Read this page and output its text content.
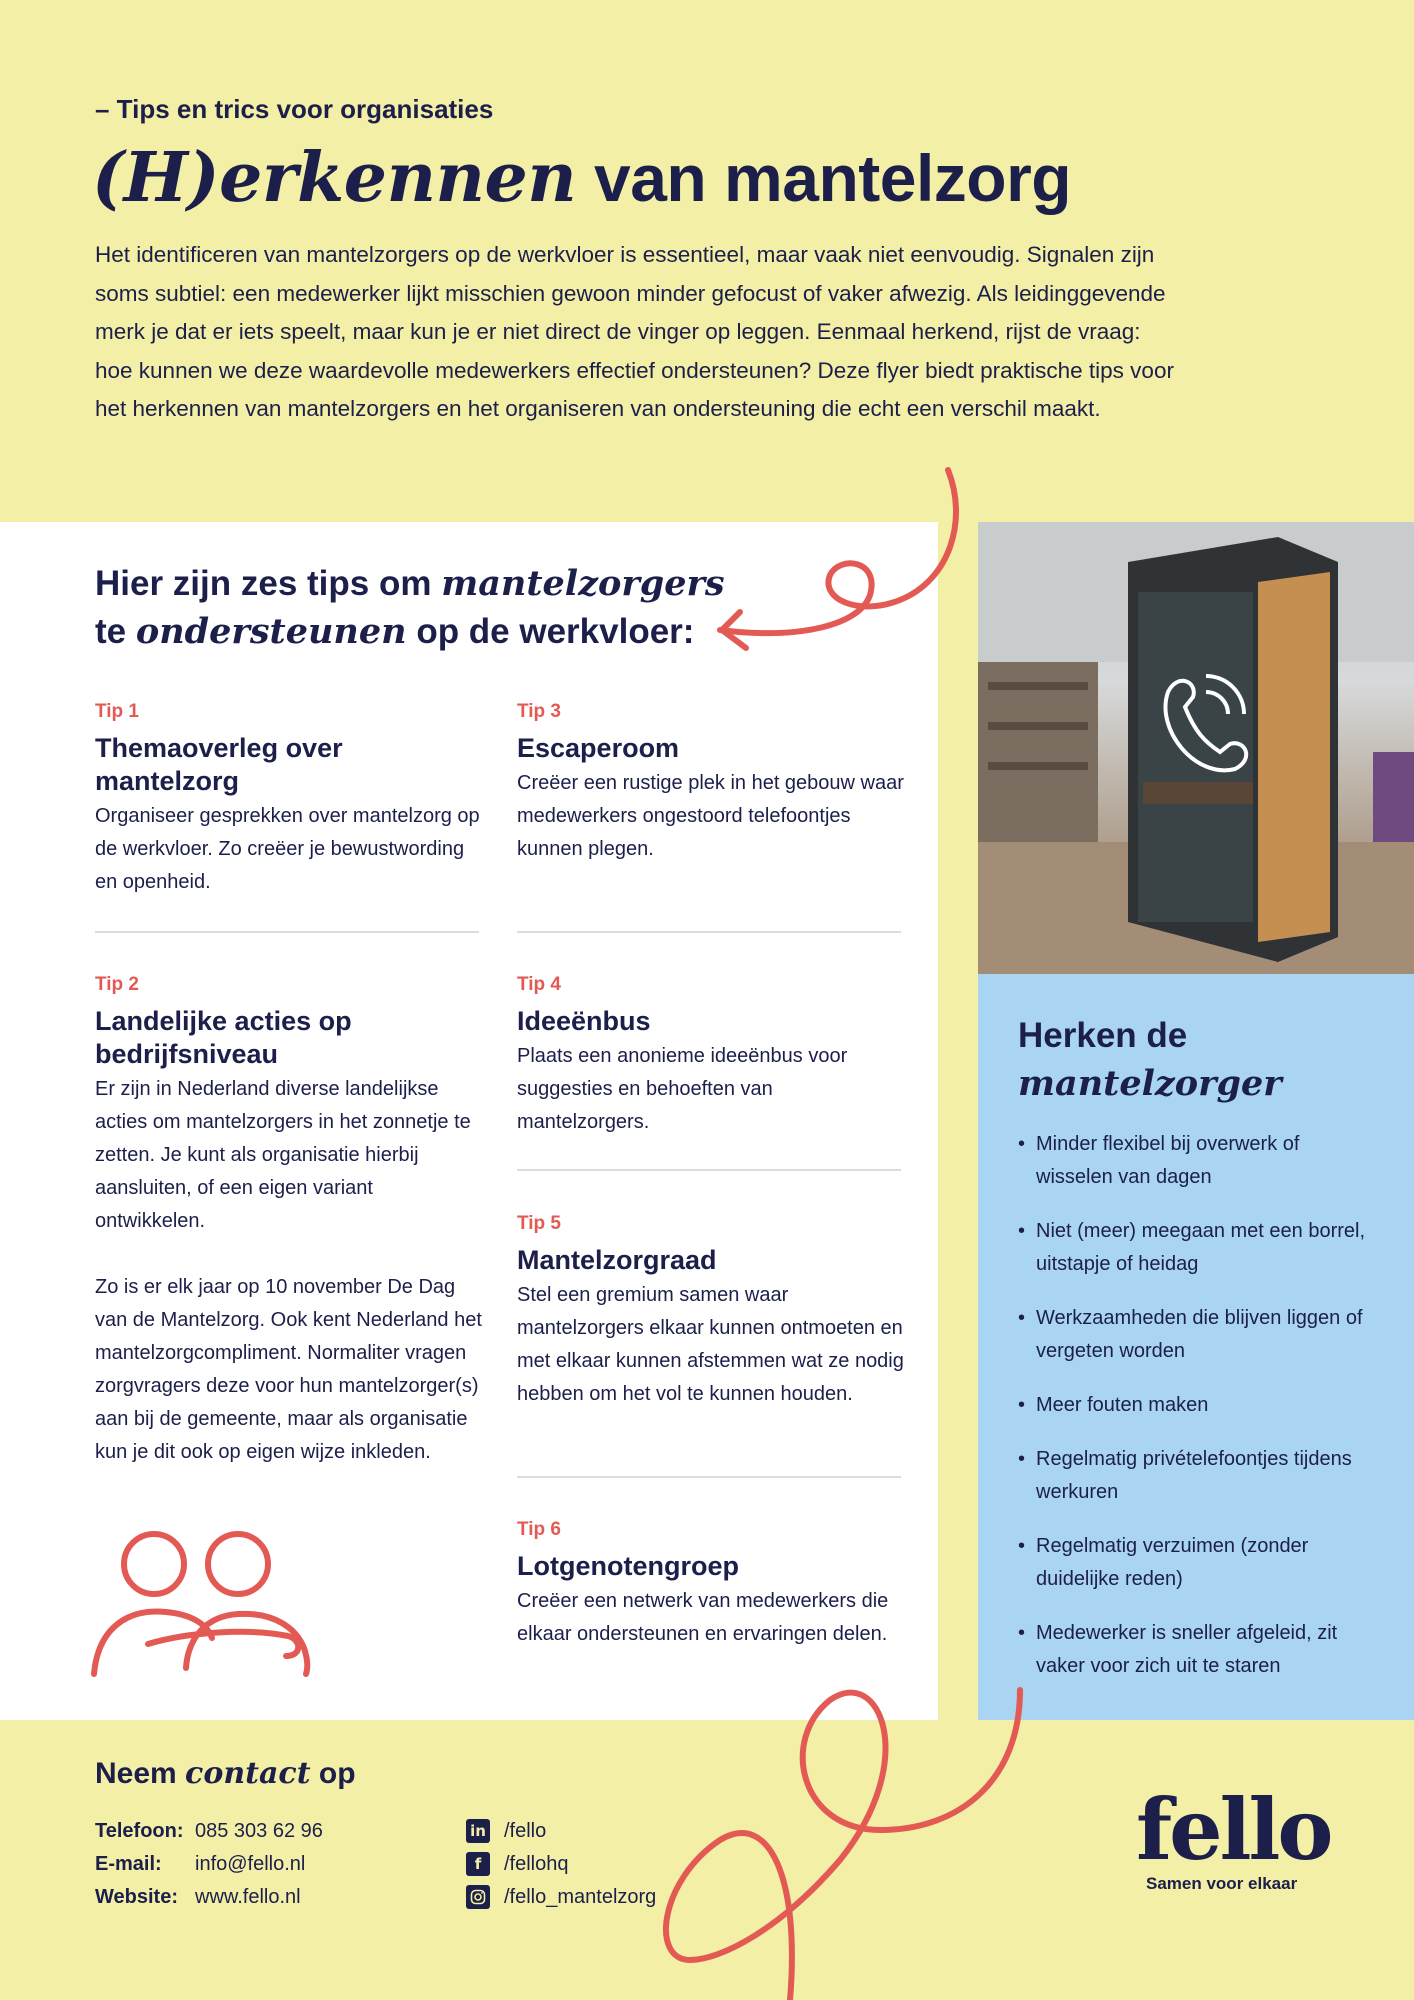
– Tips en trics voor organisaties
(H)erkennen van mantelzorg

Het identificeren van mantelzorgers op de werkvloer is essentieel, maar vaak niet eenvoudig. Signalen zijn soms subtiel: een medewerker lijkt misschien gewoon minder gefocust of vaker afwezig. Als leidinggevende merk je dat er iets speelt, maar kun je er niet direct de vinger op leggen. Eenmaal herkend, rijst de vraag: hoe kunnen we deze waardevolle medewerkers effectief ondersteunen? Deze flyer biedt praktische tips voor het herkennen van mantelzorgers en het organiseren van ondersteuning die echt een verschil maakt.

Hier zijn zes tips om mantelzorgers
te ondersteunen op de werkvloer:
Tip 1
Themaoverleg over mantelzorg

Organiseer gesprekken over mantelzorg op de werkvloer. Zo creëer je bewustwording en openheid.

Tip 2
Landelijke acties op bedrijfsniveau

Er zijn in Nederland diverse landelijkse acties om mantelzorgers in het zonnetje te zetten. Je kunt als organisatie hierbij aansluiten, of een eigen variant ontwikkelen.

Zo is er elk jaar op 10 november De Dag van de Mantelzorg. Ook kent Nederland het mantelzorgcompliment. Normaliter vragen zorgvragers deze voor hun mantelzorger(s) aan bij de gemeente, maar als organisatie kun je dit ook op eigen wijze inkleden.

Tip 3
Escaperoom

Creëer een rustige plek in het gebouw waar medewerkers ongestoord telefoontjes kunnen plegen.

Tip 4
Ideeënbus

Plaats een anonieme ideeënbus voor suggesties en behoeften van mantelzorgers.

Tip 5
Mantelzorgraad

Stel een gremium samen waar mantelzorgers elkaar kunnen ontmoeten en met elkaar kunnen afstemmen wat ze nodig hebben om het vol te kunnen houden.

Tip 6
Lotgenotengroep

Creëer een netwerk van medewerkers die elkaar ondersteunen en ervaringen delen.

Herken de
mantelzorger
• Minder flexibel bij overwerk of wisselen van dagen
• Niet (meer) meegaan met een borrel, uitstapje of heidag
• Werkzaamheden die blijven liggen of vergeten worden
• Meer fouten maken
• Regelmatig privételefoontjes tijdens werkuren
• Regelmatig verzuimen (zonder duidelijke reden)
• Medewerker is sneller afgeleid, zit vaker voor zich uit te staren
Neem contact op
Telefoon: 085 303 62 96
E-mail: info@fello.nl
Website: www.fello.nl
in /fello
f	/fellohq
/fello_mantelzorg
fello
Samen voor elkaar
